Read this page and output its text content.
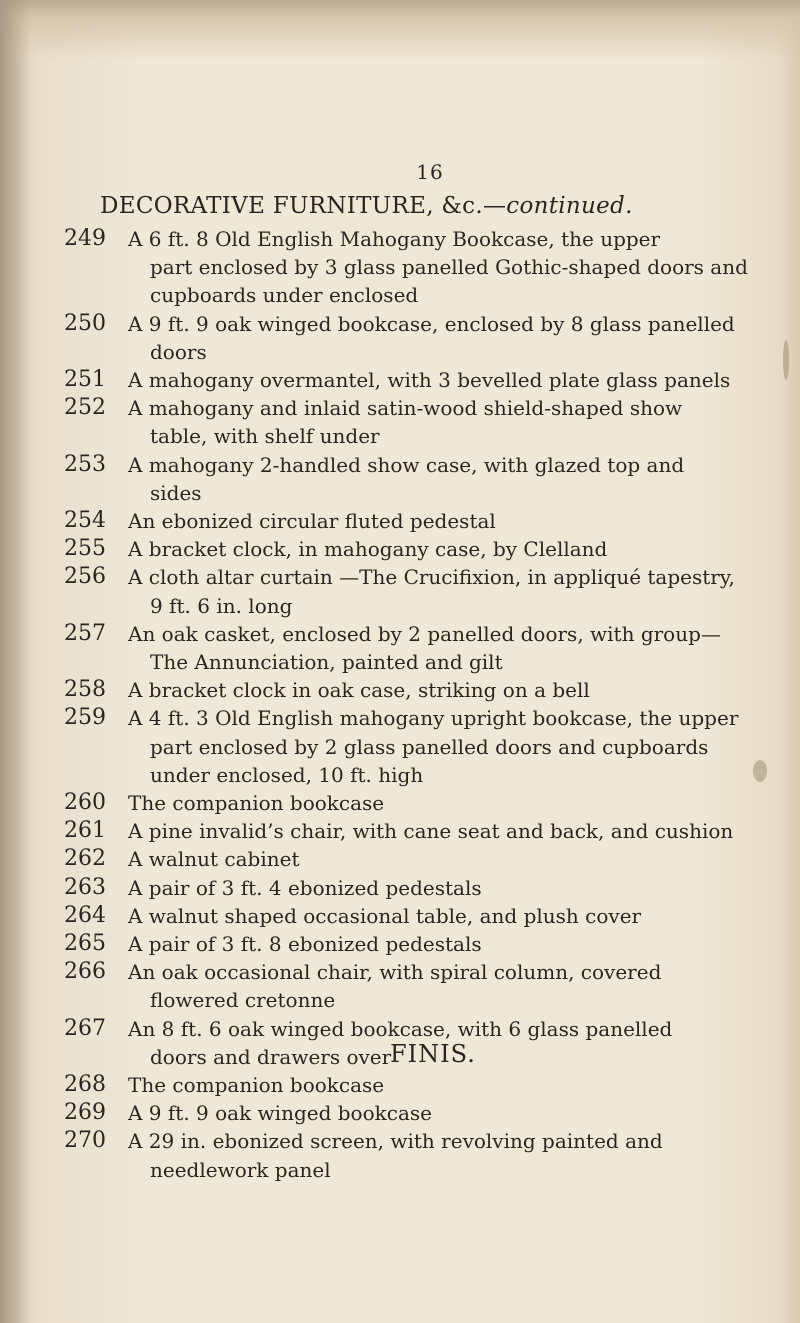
16
DECORATIVE FURNITURE, &c.—continued.
249	A 6 ft. 8 Old English Mahogany Bookcase, the upper
part enclosed by 3 glass panelled Gothic-shaped doors and
cupboards under enclosed
250	A 9 ft. 9 oak winged bookcase, enclosed by 8 glass panelled
doors
251	A mahogany overmantel, with 3 bevelled plate glass panels
252	A mahogany and inlaid satin-wood shield-shaped show
table, with shelf under
253	A mahogany 2-handled show case, with glazed top and
sides
254	An ebonized circular fluted pedestal
255	A bracket clock, in mahogany case, by Clelland
256	A cloth altar curtain —The Crucifixion, in appliqué tapestry,
9 ft. 6 in. long
257	An oak casket, enclosed by 2 panelled doors, with group—
The Annunciation, painted and gilt
258	A bracket clock in oak case, striking on a bell
259	A 4 ft. 3 Old English mahogany upright bookcase, the upper
part enclosed by 2 glass panelled doors and cupboards
under enclosed, 10 ft. high
260	The companion bookcase
261	A pine invalid’s chair, with cane seat and back, and cushion
262	A walnut cabinet
263	A pair of 3 ft. 4 ebonized pedestals
264	A walnut shaped occasional table, and plush cover
265	A pair of 3 ft. 8 ebonized pedestals
266	An oak occasional chair, with spiral column, covered
flowered cretonne
267	An 8 ft. 6 oak winged bookcase, with 6 glass panelled
doors and drawers over
268	The companion bookcase
269	A 9 ft. 9 oak winged bookcase
270	A 29 in. ebonized screen, with revolving painted and
needlework panel
FINIS.
